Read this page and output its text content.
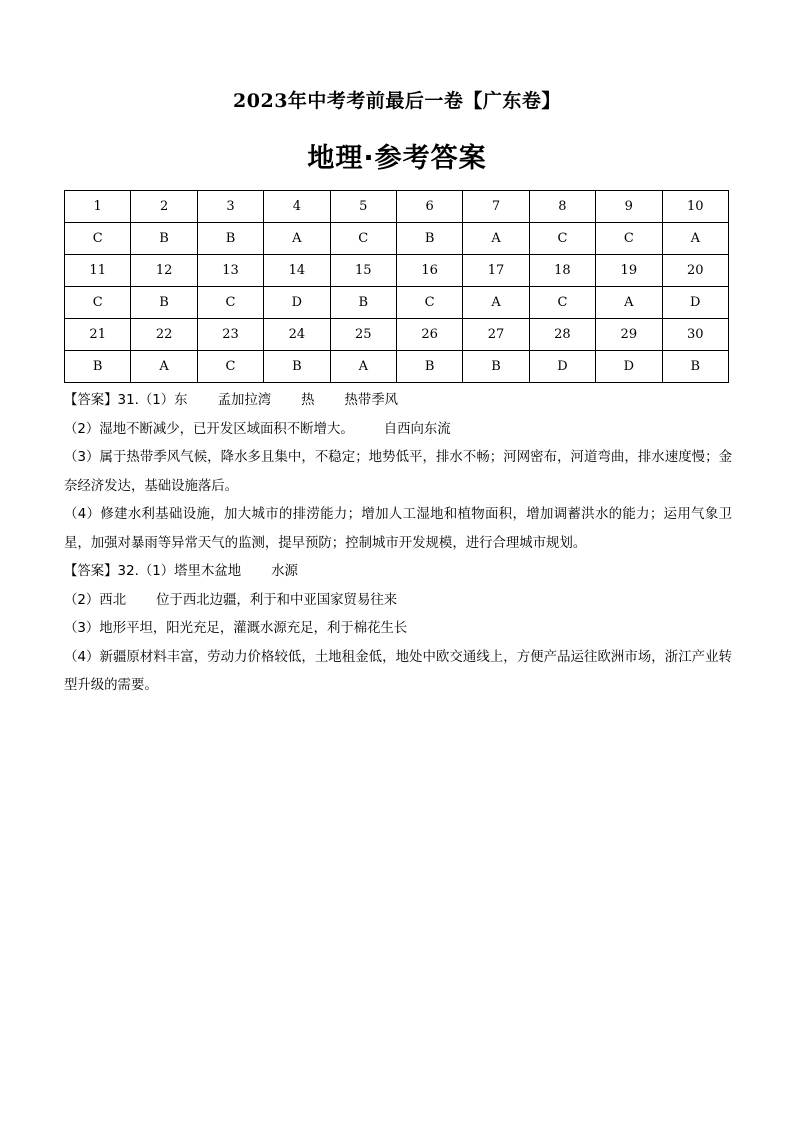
2023年中考考前最后一卷【广东卷】
地理·参考答案
1	2	3	4	5	6	7	8	9	10
C	B	B	A	C	B	A	C	C	A
11	12	13	14	15	16	17	18	19	20
C	B	C	D	B	C	A	C	A	D
21	22	23	24	25	26	27	28	29	30
B	A	C	B	A	B	B	D	D	B

【答案】31.（1）东 孟加拉湾 热 热带季风

（2）湿地不断减少，已开发区域面积不断增大。 自西向东流

（3）属于热带季风气候，降水多且集中，不稳定；地势低平，排水不畅；河网密布，河道弯曲，排水速度慢；金奈经济发达，基础设施落后。

（4）修建水利基础设施，加大城市的排涝能力；增加人工湿地和植物面积，增加调蓄洪水的能力；运用气象卫星，加强对暴雨等异常天气的监测，提早预防；控制城市开发规模，进行合理城市规划。

【答案】32.（1）塔里木盆地 水源

（2）西北 位于西北边疆，利于和中亚国家贸易往来

（3）地形平坦，阳光充足，灌溉水源充足，利于棉花生长

（4）新疆原材料丰富，劳动力价格较低，土地租金低，地处中欧交通线上，方便产品运往欧洲市场，浙江产业转型升级的需要。
